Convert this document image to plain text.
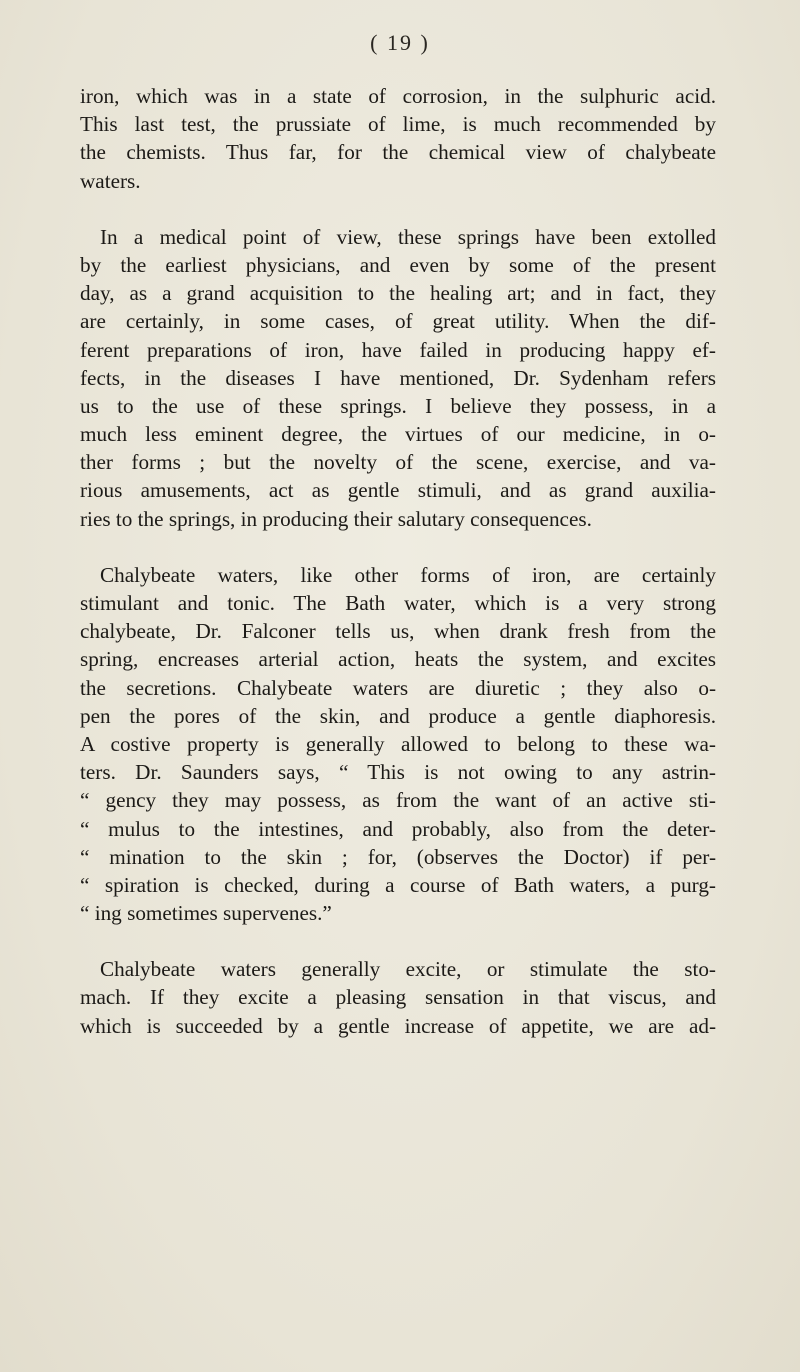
( 19 )

iron, which was in a state of corrosion, in the sulphuric acid.
This last test, the prussiate of lime, is much recommended by
the chemists. Thus far, for the chemical view of chalybeate
waters.

In a medical point of view, these springs have been extolled
by the earliest physicians, and even by some of the present
day, as a grand acquisition to the healing art; and in fact, they
are certainly, in some cases, of great utility. When the dif-
ferent preparations of iron, have failed in producing happy ef-
fects, in the diseases I have mentioned, Dr. Sydenham refers
us to the use of these springs. I believe they possess, in a
much less eminent degree, the virtues of our medicine, in o-
ther forms ; but the novelty of the scene, exercise, and va-
rious amusements, act as gentle stimuli, and as grand auxilia-
ries to the springs, in producing their salutary consequences.

Chalybeate waters, like other forms of iron, are certainly
stimulant and tonic. The Bath water, which is a very strong
chalybeate, Dr. Falconer tells us, when drank fresh from the
spring, encreases arterial action, heats the system, and excites
the secretions. Chalybeate waters are diuretic ; they also o-
pen the pores of the skin, and produce a gentle diaphoresis.
A costive property is generally allowed to belong to these wa-
ters. Dr. Saunders says, “ This is not owing to any astrin-
“ gency they may possess, as from the want of an active sti-
“ mulus to the intestines, and probably, also from the deter-
“ mination to the skin ; for, (observes the Doctor) if per-
“ spiration is checked, during a course of Bath waters, a purg-
“ ing sometimes supervenes.”

Chalybeate waters generally excite, or stimulate the sto-
mach. If they excite a pleasing sensation in that viscus, and
which is succeeded by a gentle increase of appetite, we are ad-
